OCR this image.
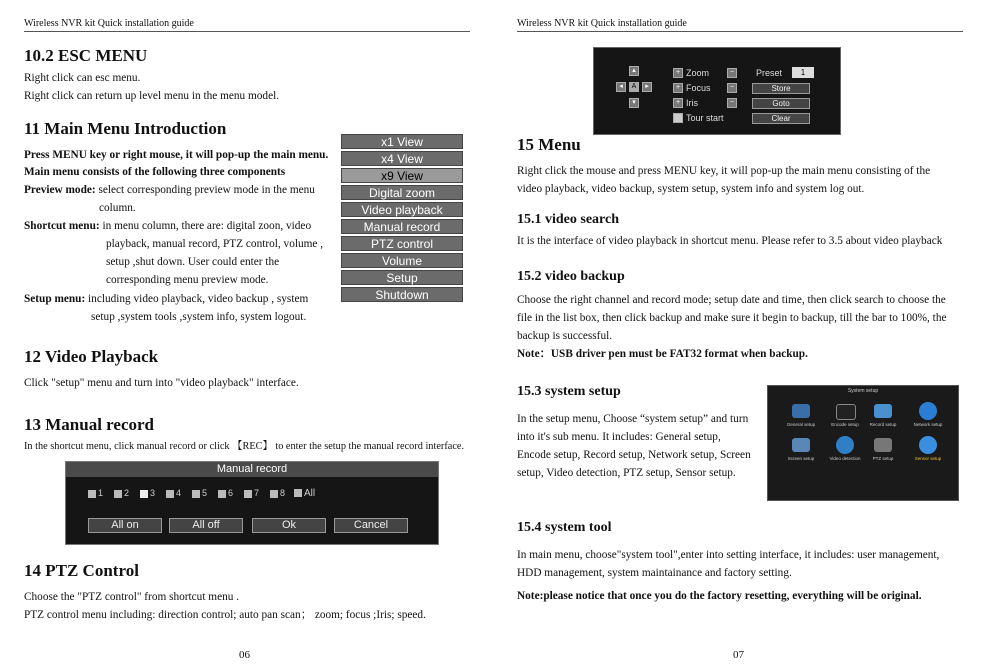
Wireless NVR kit Quick installation guide
10.2 ESC MENU
Right click can esc menu.
Right click can return up level menu in the menu model.
11 Main Menu Introduction
Press MENU key or right mouse, it will pop-up the main menu.
Main menu consists of the following three components
Preview mode: select corresponding preview mode in the menu
column.
Shortcut menu: in menu column, there are: digital zoon, video
playback, manual record, PTZ control, volume ,
setup ,shut down. User could enter the
corresponding menu preview mode.
Setup menu: including video playback, video backup , system
setup ,system tools ,system info, system logout.
x1 View
x4 View
x9 View
Digital zoom
Video playback
Manual record
PTZ control
Volume
Setup
Shutdown
12 Video Playback
Click "setup" menu and turn into "video playback" interface.
13 Manual record
In the shortcut menu, click manual record or click 【REC】 to enter the setup the manual record interface.
Manual record
1	2	3	4	5	6	7	8	All
All on	All off	Ok	Cancel
14 PTZ Control
Choose the "PTZ control" from shortcut menu .
PTZ control menu including: direction control; auto pan scan； zoom; focus ;Iris; speed.
06
Wireless NVR kit Quick installation guide
▴
◂	A	▸
▾
+ Zoom	−
+ Focus	−
+ Iris	−
Tour start
Preset	1
Store
Goto
Clear
15 Menu
Right click the mouse and press MENU key, it will pop-up the main menu consisting of the
video playback, video backup, system setup, system info and system log out.
15.1 video search
It is the interface of video playback in shortcut menu. Please refer to 3.5 about video playback
15.2 video backup
Choose the right channel and record mode; setup date and time, then click search to choose the
file in the list box, then click backup and make sure it begin to backup, till the bar to 100%, the
backup is successful.
Note：USB driver pen must be FAT32 format when backup.
15.3 system setup
In the setup menu, Choose “system setup” and turn
into it's sub menu. It includes: General setup,
Encode setup, Record setup, Network setup, Screen
setup, Video detection, PTZ setup, Sensor setup.
System setup
General setup	Encode setup	Record setup	Network setup
Screen setup	Video detection	PTZ setup	Sensor setup
15.4 system tool
In main menu, choose"system tool",enter into setting interface, it includes: user management,
HDD management, system maintainance and factory setting.
Note:please notice that once you do the factory resetting, everything will be original.
07
